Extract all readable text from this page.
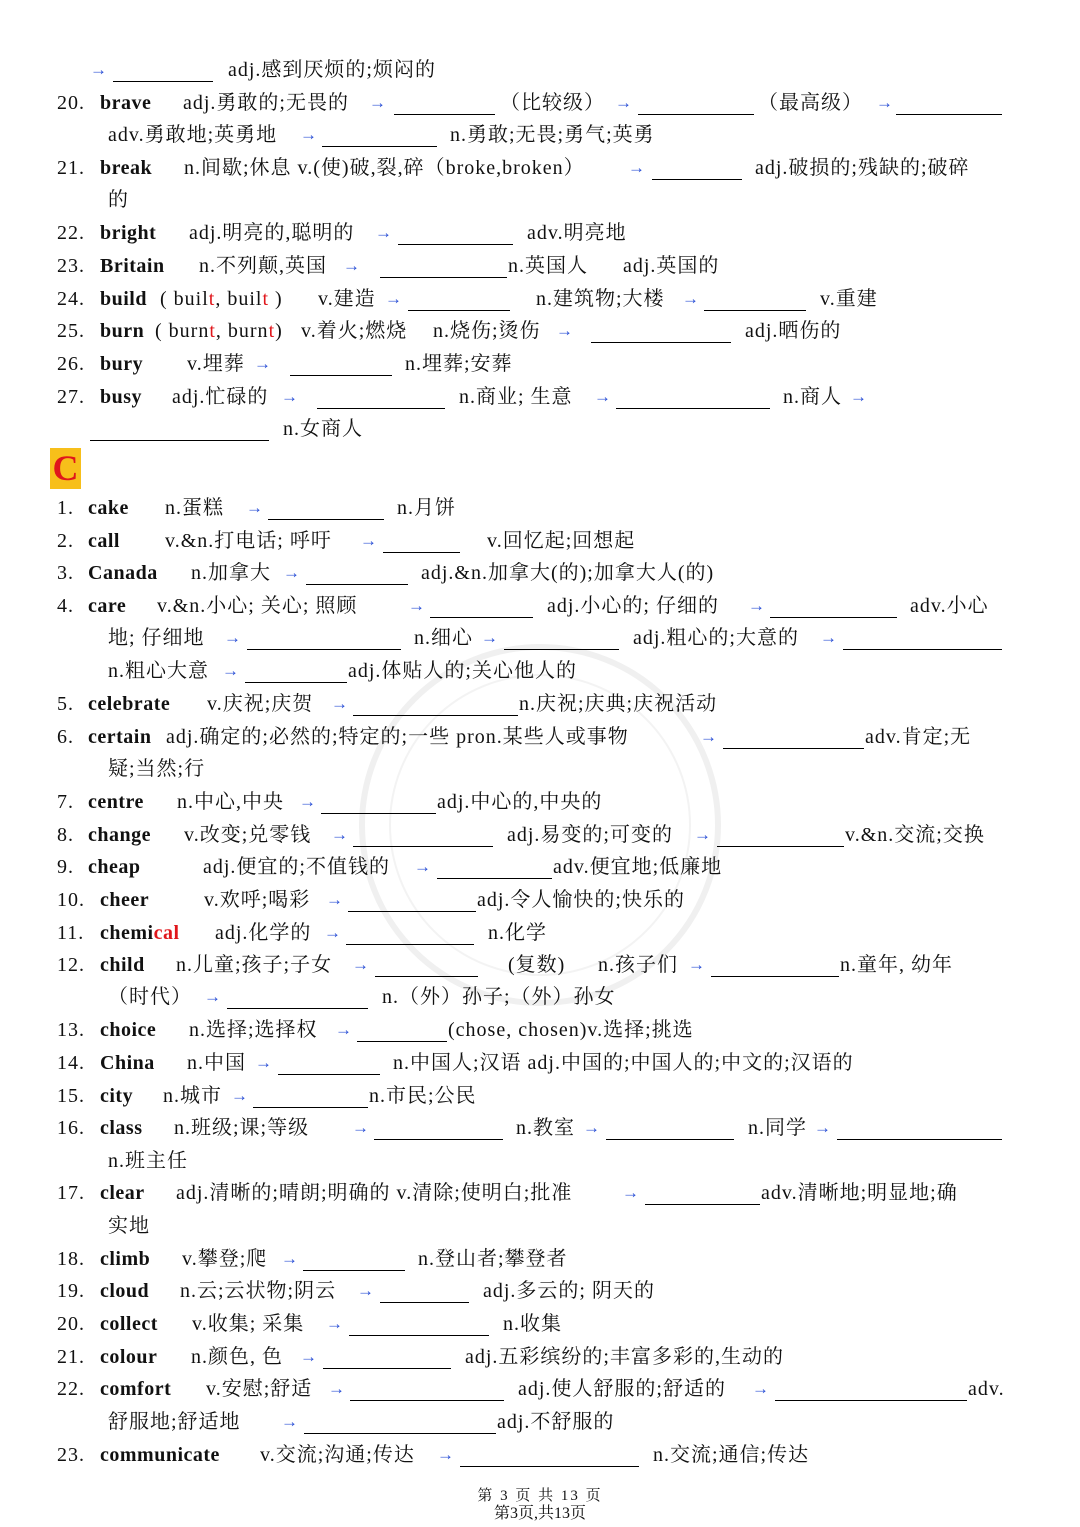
→	adj.感到厌烦的;烦闷的
20. brave adj.勇敢的;无畏的 →	（比较级） →	（最高级） →
adv.勇敢地;英勇地 →	n.勇敢;无畏;勇气;英勇
21. break n.间歇;休息 v.(使)破,裂,碎（broke,broken）	→	adj.破损的;残缺的;破碎
的
22. bright adj.明亮的,聪明的 →	adv.明亮地
23. Britain n.不列颠,英国 →	n.英国人 adj.英国的
24. build ( built, built ) v.建造 →	n.建筑物;大楼 →	v.重建
25. burn ( burnt, burnt) v.着火;燃烧 n.烧伤;烫伤 →	adj.晒伤的
26. bury v.埋葬 →	n.埋葬;安葬
27. busy adj.忙碌的 →	n.商业; 生意 →	n.商人 →
n.女商人
C
1. cake n.蛋糕 →	n.月饼
2. call v.&n.打电话; 呼吁 →	v.回忆起;回想起
3. Canada n.加拿大 →	adj.&n.加拿大(的);加拿大人(的)
4. care v.&n.小心; 关心; 照顾	→	adj.小心的; 仔细的 →	adv.小心
地; 仔细地 →	n.细心 →	adj.粗心的;大意的 →
n.粗心大意 →	adj.体贴人的;关心他人的
5. celebrate v.庆祝;庆贺 →	n.庆祝;庆典;庆祝活动
6. certain adj.确定的;必然的;特定的;一些 pron.某些人或事物	→	adv.肯定;无
疑;当然;行
7. centre n.中心,中央 →	adj.中心的,中央的
8. change v.改变;兑零钱 →	adj.易变的;可变的 →	v.&n.交流;交换
9. cheap	adj.便宜的;不值钱的 →	adv.便宜地;低廉地
10. cheer	v.欢呼;喝彩 →	adj.令人愉快的;快乐的
11. chemical adj.化学的 →	n.化学
12. child n.儿童;孩子;子女 →	(复数) n.孩子们 →	n.童年, 幼年
（时代） →	n.（外）孙子;（外）孙女
13. choice n.选择;选择权 →	(chose, chosen)v.选择;挑选
14. China n.中国 →	n.中国人;汉语 adj.中国的;中国人的;中文的;汉语的
15. city n.城市 →	n.市民;公民
16. class n.班级;课;等级	→	n.教室 →	n.同学 →
n.班主任
17. clear adj.清晰的;晴朗;明确的 v.清除;使明白;批准	→	adv.清晰地;明显地;确
实地
18. climb v.攀登;爬 →	n.登山者;攀登者
19. cloud n.云;云状物;阴云 →	adj.多云的; 阴天的
20. collect v.收集; 采集 →	n.收集
21. colour n.颜色, 色 →	adj.五彩缤纷的;丰富多彩的,生动的
22. comfort v.安慰;舒适 →	adj.使人舒服的;舒适的 →	adv.
舒服地;舒适地 →	adj.不舒服的
23. communicate v.交流;沟通;传达 →	n.交流;通信;传达
第 3 页 共 13 页
第3页,共13页
